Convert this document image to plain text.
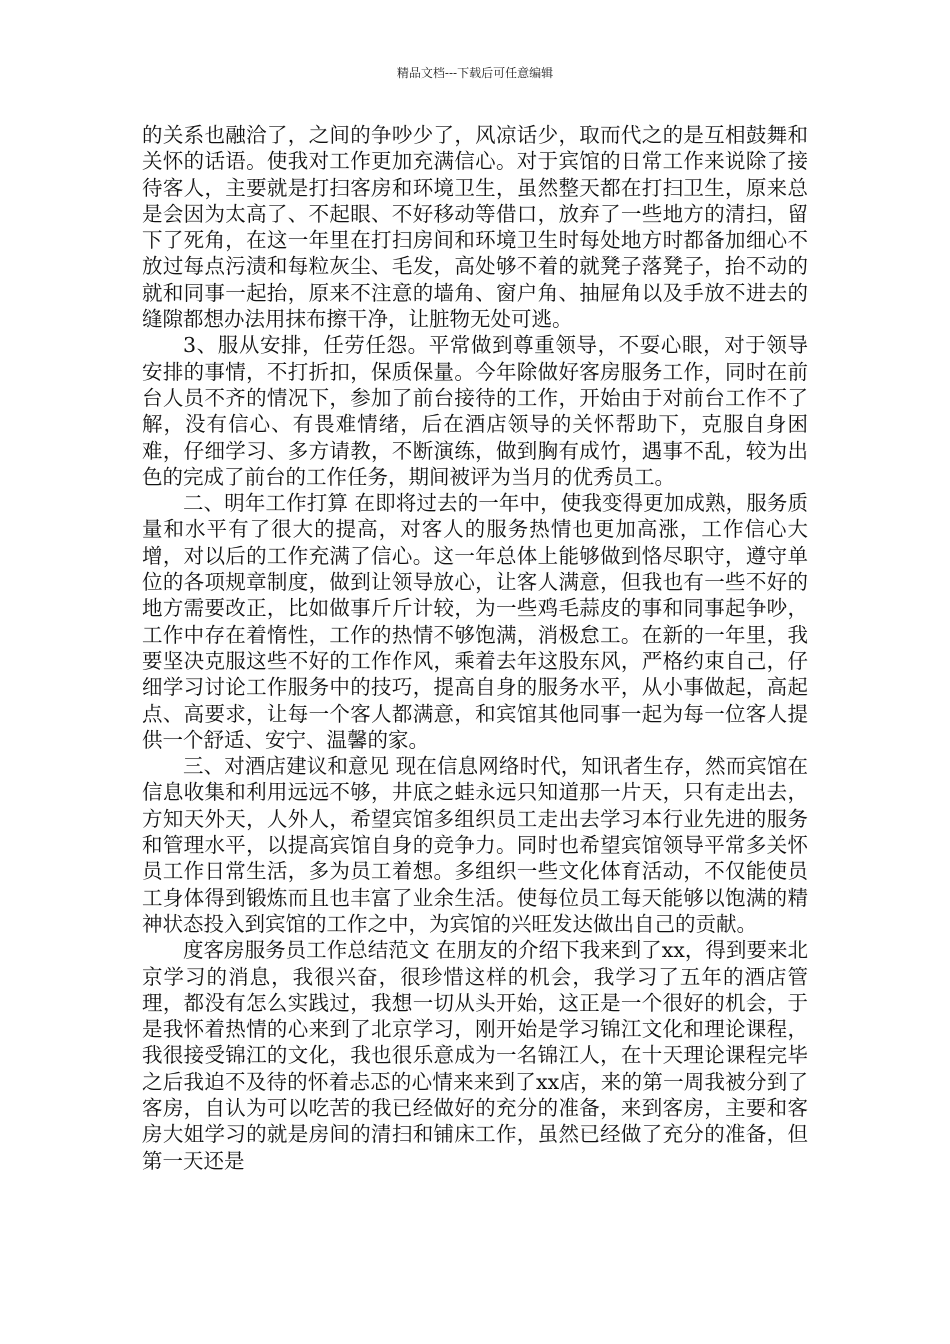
精品文档---下载后可任意编辑

的关系也融洽了，之间的争吵少了，风凉话少，取而代之的是互相鼓舞和关怀的话语。使我对工作更加充满信心。对于宾馆的日常工作来说除了接待客人，主要就是打扫客房和环境卫生，虽然整天都在打扫卫生，原来总是会因为太高了、不起眼、不好移动等借口，放弃了一些地方的清扫，留下了死角，在这一年里在打扫房间和环境卫生时每处地方时都备加细心不放过每点污渍和每粒灰尘、毛发，高处够不着的就凳子落凳子，抬不动的就和同事一起抬，原来不注意的墙角、窗户角、抽屉角以及手放不进去的缝隙都想办法用抹布擦干净，让脏物无处可逃。

3、服从安排，任劳任怨。平常做到尊重领导，不耍心眼，对于领导安排的事情，不打折扣，保质保量。今年除做好客房服务工作，同时在前台人员不齐的情况下，参加了前台接待的工作，开始由于对前台工作不了解，没有信心、有畏难情绪，后在酒店领导的关怀帮助下，克服自身困难，仔细学习、多方请教，不断演练，做到胸有成竹，遇事不乱，较为出色的完成了前台的工作任务，期间被评为当月的优秀员工。

二、明年工作打算 在即将过去的一年中，使我变得更加成熟，服务质量和水平有了很大的提高，对客人的服务热情也更加高涨，工作信心大增，对以后的工作充满了信心。这一年总体上能够做到恪尽职守，遵守单位的各项规章制度，做到让领导放心，让客人满意，但我也有一些不好的地方需要改正，比如做事斤斤计较，为一些鸡毛蒜皮的事和同事起争吵，工作中存在着惰性，工作的热情不够饱满，消极怠工。在新的一年里，我要坚决克服这些不好的工作作风，乘着去年这股东风，严格约束自己，仔细学习讨论工作服务中的技巧，提高自身的服务水平，从小事做起，高起点、高要求，让每一个客人都满意，和宾馆其他同事一起为每一位客人提供一个舒适、安宁、温馨的家。

三、对酒店建议和意见 现在信息网络时代，知讯者生存，然而宾馆在信息收集和利用远远不够，井底之蛙永远只知道那一片天，只有走出去，方知天外天，人外人，希望宾馆多组织员工走出去学习本行业先进的服务和管理水平，以提高宾馆自身的竞争力。同时也希望宾馆领导平常多关怀员工作日常生活，多为员工着想。多组织一些文化体育活动，不仅能使员工身体得到锻炼而且也丰富了业余生活。使每位员工每天能够以饱满的精神状态投入到宾馆的工作之中，为宾馆的兴旺发达做出自己的贡献。

度客房服务员工作总结范文 在朋友的介绍下我来到了xx，得到要来北京学习的消息，我很兴奋，很珍惜这样的机会，我学习了五年的酒店管理，都没有怎么实践过，我想一切从头开始，这正是一个很好的机会，于是我怀着热情的心来到了北京学习，刚开始是学习锦江文化和理论课程，我很接受锦江的文化，我也很乐意成为一名锦江人，在十天理论课程完毕之后我迫不及待的怀着忐忑的心情来来到了xx店，来的第一周我被分到了客房，自认为可以吃苦的我已经做好的充分的准备，来到客房，主要和客房大姐学习的就是房间的清扫和铺床工作，虽然已经做了充分的准备，但第一天还是
